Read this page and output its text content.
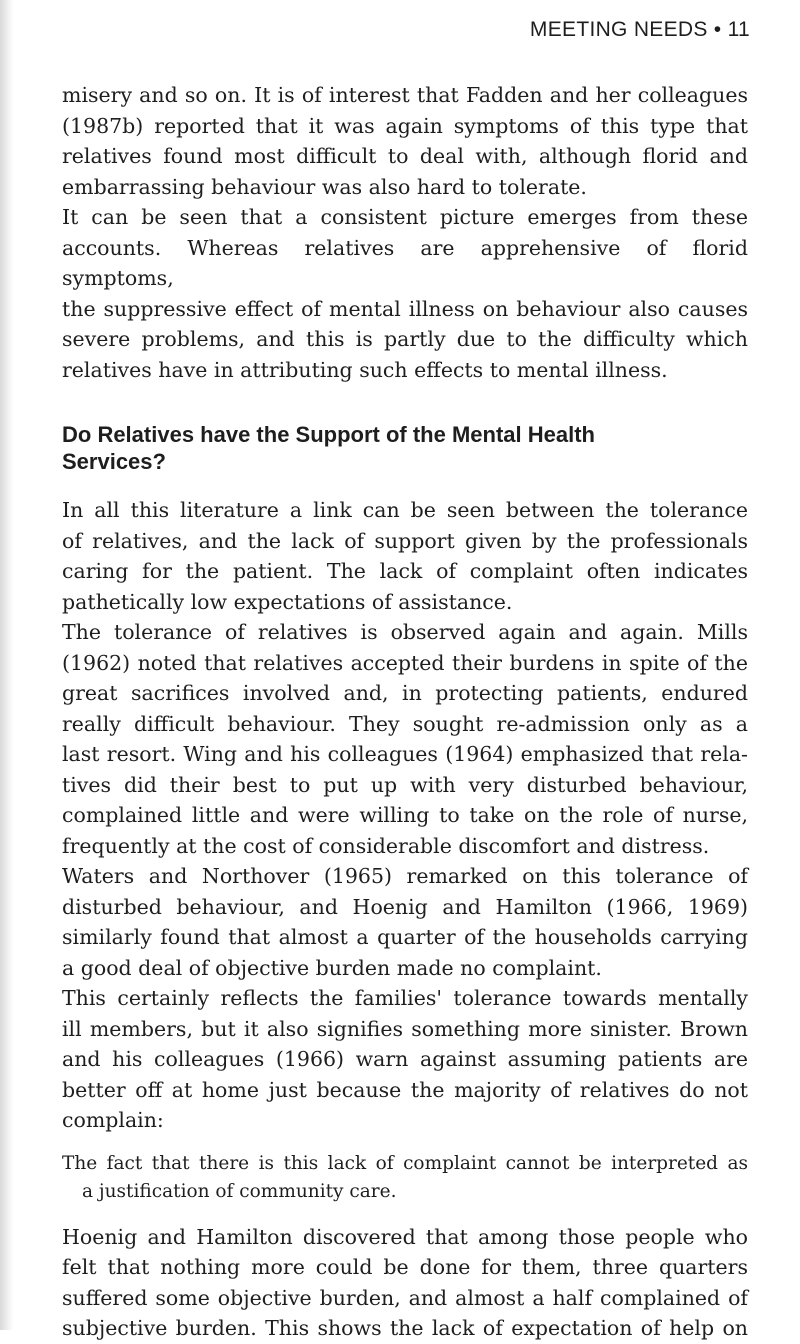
MEETING NEEDS • 11
misery and so on. It is of interest that Fadden and her colleagues
(1987b) reported that it was again symptoms of this type that
relatives found most difficult to deal with, although florid and
embarrassing behaviour was also hard to tolerate.
It can be seen that a consistent picture emerges from these
accounts. Whereas relatives are apprehensive of florid symptoms,
the suppressive effect of mental illness on behaviour also causes
severe problems, and this is partly due to the difficulty which
relatives have in attributing such effects to mental illness.
Do Relatives have the Support of the Mental Health
Services?
In all this literature a link can be seen between the tolerance
of relatives, and the lack of support given by the professionals
caring for the patient. The lack of complaint often indicates
pathetically low expectations of assistance.
The tolerance of relatives is observed again and again. Mills
(1962) noted that relatives accepted their burdens in spite of the
great sacrifices involved and, in protecting patients, endured
really difficult behaviour. They sought re-admission only as a
last resort. Wing and his colleagues (1964) emphasized that rela-
tives did their best to put up with very disturbed behaviour,
complained little and were willing to take on the role of nurse,
frequently at the cost of considerable discomfort and distress.
Waters and Northover (1965) remarked on this tolerance of
disturbed behaviour, and Hoenig and Hamilton (1966, 1969)
similarly found that almost a quarter of the households carrying
a good deal of objective burden made no complaint.
This certainly reflects the families' tolerance towards mentally
ill members, but it also signifies something more sinister. Brown
and his colleagues (1966) warn against assuming patients are
better off at home just because the majority of relatives do not
complain:
The fact that there is this lack of complaint cannot be interpreted as
a justification of community care.
Hoenig and Hamilton discovered that among those people who
felt that nothing more could be done for them, three quarters
suffered some objective burden, and almost a half complained of
subjective burden. This shows the lack of expectation of help on
